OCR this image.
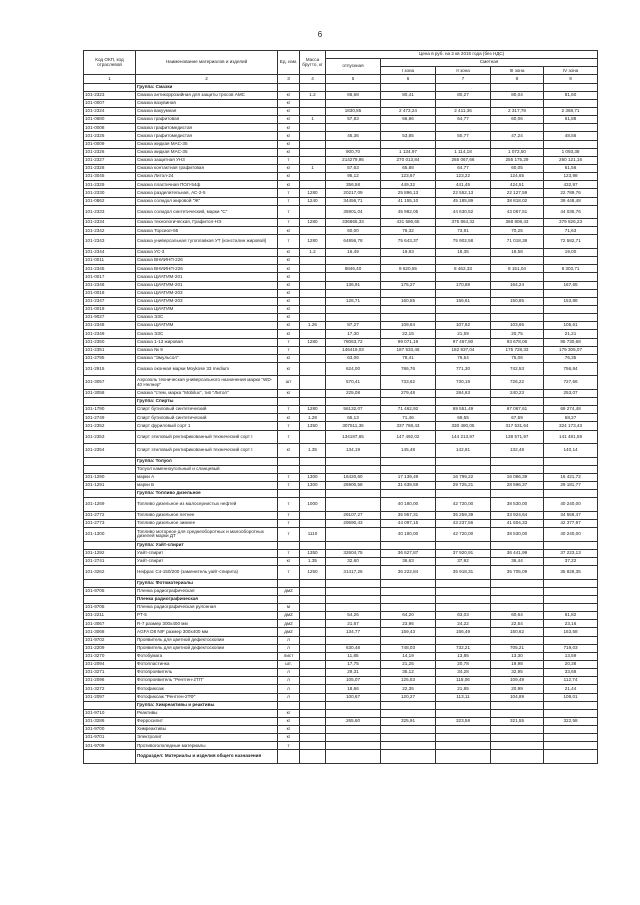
6
Код ОКП, код отраслевой	Наименование материалов и изделий	Ед. изм.	Масса брутто, кг	Цена в руб. на 2 кв 2015 года (без НДС)				
				отпускная	Сметная			
					I зона	II зона	III зона	IV зона
1	2	3	4	5	6	7	8	9
	Группа: Смазки							
101-2323	Смазка антикоррозийная для защиты тросов АМС	кг	1.2	66,68	80,41	80,27	80,04	81,60
101-0007	Смазка вазувиная	кг						
101-2324	Смазка вакуумная	кг		1830,85	2 473,24	2 411,36	2 317,78	2 368,71
101-0680	Смазка графитовая	кг	1	57,83	66,86	64,77	60,06	61,88
101-0008	Смазка графитомедистая	кг						
101-2325	Смазка графитомедистая	кг		45,36	53,85	50,77	47,24	48,56
101-0009	Смазка жидкая МАС-35	кг						
101-2326	Смазка жидкая МАС-35	кг		900,70	1 134,97	1 114,18	1 072,50	1 093,38
101-2327	Смазка защитная УН3	т		214279,95	270 013,84	265 067,66	255 175,29	260 121,16
101-2328	Смазка контактная графитовая	кг	1	57,63	65,88	64,77	60,05	61,56
101-3045	Смазка Литол-24	кг		95,12	123,67	123,22	124,65	123,98
101-2329	Смазка пластичная ПОЛ-54ф	кг		356,58	449,32	441,45	424,51	432,97
101-2330	Смазка разделительная, АС-2-5	т	1280	20217,09	25 896,13	22 552,13	22 127,59	22 789,76
101-0862	Смазка солидол жировой "Ж"	т	1240	34456,71	41 155,10	45 185,89	38 818,02	39 448,48
101-2333	Смазка солидол синтетический, марки "С"	т		35901,04	45 982,05	44 630,52	43 067,51	44 035,76
101-2334	Смазка технологическая, Графитол-НЭ	т	1280	336865,33	431 586,65	375 864,32	368 808,43	379 826,23
101-2342	Смазка Торсиол-55	кг		60,00	76,32	73,91	70,25	71,63
101-2343	Смазка универсальная тугоплавкая УТ (консталин жировой)	т	1280	64856,78	75 643,37	75 902,58	71 018,38	72 582,71
101-2344	Смазка УС-3	кг	1.2	16,49	19,83	18,35	18,58	19,00
101-0011	Смазка ВНИИНП-226	кг						
101-2345	Смазка ВНИИНП-226	кг		6846,40	8 620,55	8 462,33	8 151,04	8 303,71
101-0017	Смазка ЦИАТИМ-201	кг						
101-2346	Смазка ЦИАТИМ-201	кг		136,91	175,27	170,88	164,24	167,65
101-0018	Смазка ЦИАТИМ-203	кг						
101-2347	Смазка ЦИАТИМ-203	кг		126,71	160,55	156,61	150,85	153,88
101-0019	Смазка ЦИАТИМ	кг						
101-9027	Смазка ЭЗС	кг						
101-2348	Смазка ЦИАТИМ	кг	1.26	87,27	109,64	107,62	103,65	105,61
101-2349	Смазка ЭЗС	кг		17,30	22,15	21,59	20,75	21,21
101-2350	Смазка 1-13 жировая	т	1280	78063,72	99 071,19	97 467,80	93 678,06	95 730,68
101-2351	Смазка № 9	т		146419,03	187 533,46	182 837,04	175 728,33	179 305,07
101-2795	Смазка "Эмульсол"	кг		63,06	78,41	76,54	75,06	76,35
101-2915	Смазка оконная марки Moykose 33 medium	кг		624,00	786,76	771,30	742,53	756,84
101-3057	Аэрозоль техническая универсального назначения марки "WD-40 Нелнер"	шт		570,41	733,62	730,19	726,22	727,66
101-3058	Смазка "стем, марка "Mobilux", тип "Литол"	кг		225,08	279,48	284,63	240,23	253,07
	Группа: Спирты							
101-1790	Спирт бутиловый синтетический	т	1280	56132,07	71 462,92	69 551,49	67 067,61	69 274,48
101-2749	Спирт бутиловый синтетический	кг	1.28	65,13	71,46	69,55	67,59	68,27
101-2352	Спирт фуриловый сорт 1	т	1350	307511,36	337 768,43	330 480,05	317 531,64	324 173,43
101-2353	Спирт этиловый ректификованный технический сорт I	т		134187,65	147 492,02	144 213,97	138 571,97	141 481,59
101-2354	Спирт этиловый ректификованный технический сорт I	кг	1.35	134,19	145,48	142,81	132,48	140,14
	Группа: Толуол							
	Толуол каменноугольный и сланцевый							
101-1290	марки А	т	1300	16420,60	17 139,49	16 799,22	16 086,39	16 421,72
101-1291	марки Б	т	1300	26900,58	31 639,59	29 725,21	28 596,37	29 181,77
	Группа: Топливо дизельное							
101-1269	Топливо дизельное из малосернистых нефтей	т	1000		40 180,00	42 720,00	38 530,00	40 240,00
101-2772	Топливо дизельное летнее	т		29107,27	35 957,31	35 259,39	33 924,64	34 558,47
101-2773	Топливо дизельное зимнее	т		29590,43	44 097,15	43 237,56	41 604,33	42 377,97
101-1300	Топливо моторное для среднеоборотных и малооборотных дизелей марки ДТ	т	1110		40 180,00	42 720,00	38 530,00	40 240,00
	Группа: Уайт-спирит							
101-1292	Уайт-спирит	т	1350	32604,75	36 627,87	37 920,91	36 441,99	37 223,13
101-2741	Уайт-спирит	кг	1.35	32,60	36,63	37,92	36,44	37,22
101-3262	Нефрас С4-150/200 (заменитель уайт-спирита)	т	1250	31417,26	36 222,84	35 918,31	35 705,09	35 828,35
	Группа: Фотоматериалы							
101-9705	Пленка радиографическая	дм2						
	Пленка радиографическая							
101-9705	Пленка радиографическая рулонная	м						
101-2211	РТ-5	дм2		54,26	64,20	63,03	60,64	61,82
101-3067	R-7 размер 300x400 мм	дм2		21,67	23,96	24,22	22,54	23,16
101-3068	AGFA D8 NIF размер 300x400 мм	дм2		134,77	159,43	156,49	150,62	153,58
101-9702	Проявитель для цветной дефектоскопии	л						
101-2209	Проявитель для цветной дефектоскопии	л		630,48	748,03	732,21	705,21	719,03
101-3270	Фотобумага	лист		11,85	14,19	13,85	13,30	13,59
101-2094	Фотопластинка	шт.		17,75	21,25	20,78	19,98	20,38
101-3271	Фотопроявитель	л		29,31	35,12	34,28	32,95	33,68
101-2096	Фотопроявитель "Рентген-2ТП"	л		105,07	125,53	118,06	109,49	112,74
101-3272	Фотофиксаж	л		18,66	22,35	21,85	20,99	21,44
101-2097	Фотофиксаж "Рентген-2ТФ"	л		100,67	120,27	113,11	104,89	108,01
	Группа: Химреактивы и реактивы							
101-9710	Реактивы	кг						
101-3286	Ферросилит	кг		265,60	325,91	323,58	321,55	322,58
101-9700	Химреактивы	кг						
101-9701	Электролит	кг						
101-9709	Противогололедные материалы	т						
	Подраздел: Материалы и изделия общего назначения							
